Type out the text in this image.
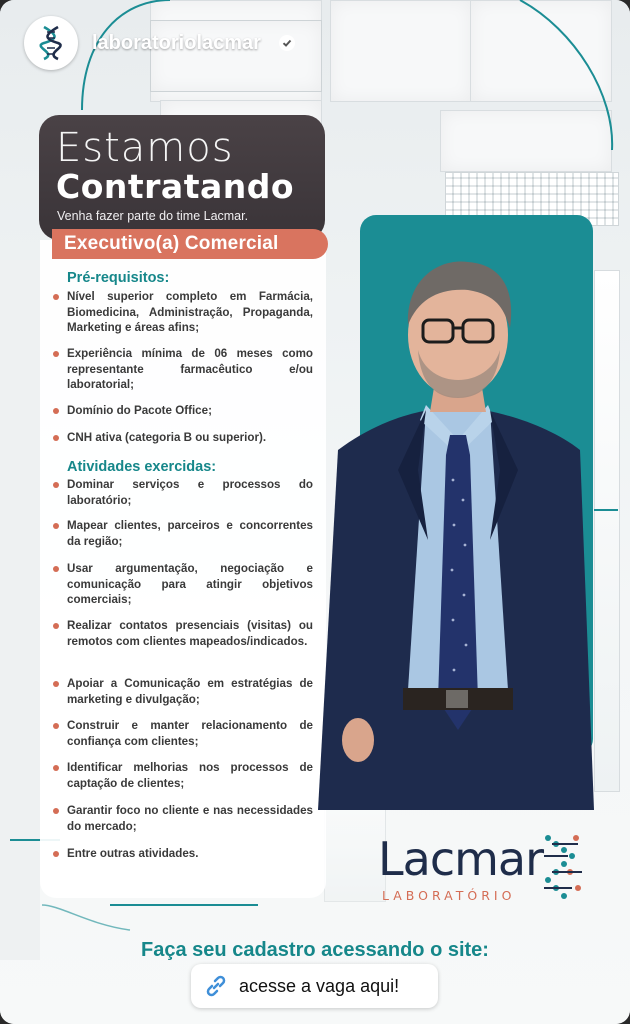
laboratoriolacmar
Estamos
Contratando
Venha fazer parte do time Lacmar.
Executivo(a) Comercial
Pré-requisitos:
Nível superior completo em Farmácia, Biomedicina, Administração, Propaganda, Marketing e áreas afins;
Experiência mínima de 06 meses como representante farmacêutico e/ou laboratorial;
Domínio do Pacote Office;
CNH ativa (categoria B ou superior).
Atividades exercidas:
Dominar serviços e processos do laboratório;
Mapear clientes, parceiros e concorrentes da região;
Usar argumentação, negociação e comunicação para atingir objetivos comerciais;
Realizar contatos presenciais (visitas) ou remotos com clientes mapeados/indicados.
Apoiar a Comunicação em estratégias de marketing e divulgação;
Construir e manter relacionamento de confiança com clientes;
Identificar melhorias nos processos de captação de clientes;
Garantir foco no cliente e nas necessidades do mercado;
Entre outras atividades.	Lacmar
LABORATÓRIO
Faça seu cadastro acessando o site:
acesse a vaga aqui!
